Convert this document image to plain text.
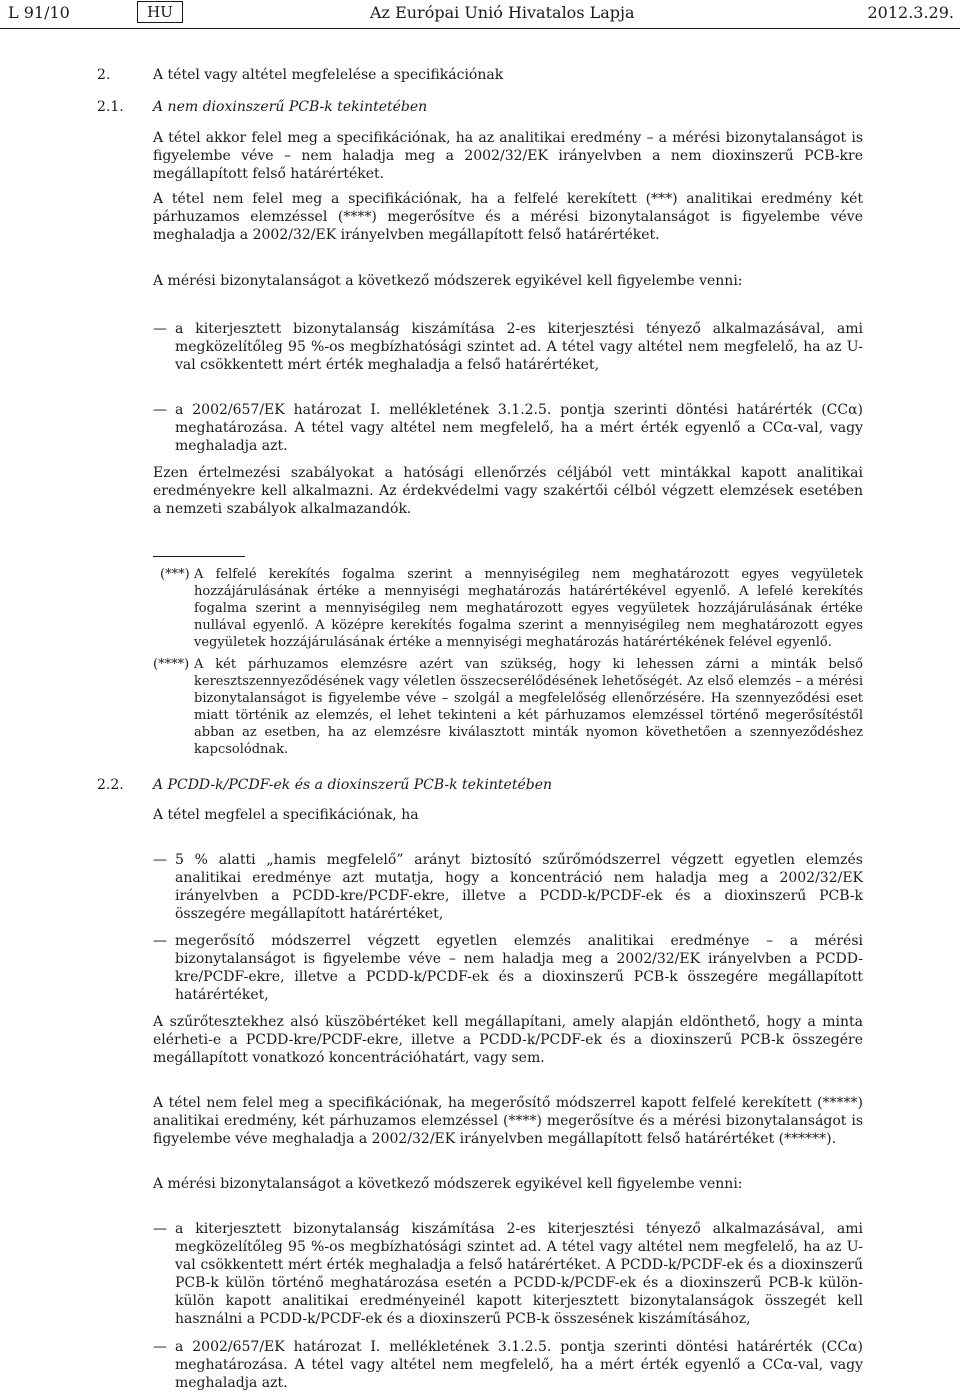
L 91/10	HU	Az Európai Unió Hivatalos Lapja	2012.3.29.
2.	A tétel vagy altétel megfelelése a specifikációnak
2.1. A nem dioxinszerű PCB-k tekintetében

A tétel akkor felel meg a specifikációnak, ha az analitikai eredmény – a mérési bizonytalanságot is figyelembe véve – nem haladja meg a 2002/32/EK irányelvben a nem dioxinszerű PCB-kre megállapított felső határértéket.

A tétel nem felel meg a specifikációnak, ha a felfelé kerekített (***) analitikai eredmény két párhuzamos elemzéssel (****) megerősítve és a mérési bizonytalanságot is figyelembe véve meghaladja a 2002/32/EK irányelvben megállapított felső határértéket.

A mérési bizonytalanságot a következő módszerek egyikével kell figyelembe venni:

— a kiterjesztett bizonytalanság kiszámítása 2-es kiterjesztési tényező alkalmazásával, ami megközelítőleg 95 %-os megbízhatósági szintet ad. A tétel vagy altétel nem megfelelő, ha az U-val csökkentett mért érték meghaladja a felső határértéket,

— a 2002/657/EK határozat I. mellékletének 3.1.2.5. pontja szerinti döntési határérték (CCα) meghatározása. A tétel vagy altétel nem megfelelő, ha a mért érték egyenlő a CCα-val, vagy meghaladja azt.

Ezen értelmezési szabályokat a hatósági ellenőrzés céljából vett mintákkal kapott analitikai eredményekre kell alkalmazni. Az érdekvédelmi vagy szakértői célból végzett elemzések esetében a nemzeti szabályok alkalmazandók.

(***) A felfelé kerekítés fogalma szerint a mennyiségileg nem meghatározott egyes vegyületek hozzájárulásának értéke a mennyiségi meghatározás határértékével egyenlő. A lefelé kerekítés fogalma szerint a mennyiségileg nem meghatározott egyes vegyületek hozzájárulásának értéke nullával egyenlő. A középre kerekítés fogalma szerint a mennyiségileg nem meghatározott egyes vegyületek hozzájárulásának értéke a mennyiségi meghatározás határértékének felével egyenlő.

(****) A két párhuzamos elemzésre azért van szükség, hogy ki lehessen zárni a minták belső keresztszennyeződésének vagy véletlen összecserélődésének lehetőségét. Az első elemzés – a mérési bizonytalanságot is figyelembe véve – szolgál a megfelelőség ellenőrzésére. Ha szennyeződési eset miatt történik az elemzés, el lehet tekinteni a két párhuzamos elemzéssel történő megerősítéstől abban az esetben, ha az elemzésre kiválasztott minták nyomon követhetően a szennyeződéshez kapcsolódnak.

2.2. A PCDD-k/PCDF-ek és a dioxinszerű PCB-k tekintetében

A tétel megfelel a specifikációnak, ha

— 5 % alatti „hamis megfelelő” arányt biztosító szűrőmódszerrel végzett egyetlen elemzés analitikai eredménye azt mutatja, hogy a koncentráció nem haladja meg a 2002/32/EK irányelvben a PCDD-kre/PCDF-ekre, illetve a PCDD-k/PCDF-ek és a dioxinszerű PCB-k összegére megállapított határértéket,

— megerősítő módszerrel végzett egyetlen elemzés analitikai eredménye – a mérési bizonytalanságot is figyelembe véve – nem haladja meg a 2002/32/EK irányelvben a PCDD-kre/PCDF-ekre, illetve a PCDD-k/PCDF-ek és a dioxinszerű PCB-k összegére megállapított határértéket,

A szűrőtesztekhez alsó küszöbértéket kell megállapítani, amely alapján eldönthető, hogy a minta elérheti-e a PCDD-kre/PCDF-ekre, illetve a PCDD-k/PCDF-ek és a dioxinszerű PCB-k összegére megállapított vonatkozó koncentrációhatárt, vagy sem.

A tétel nem felel meg a specifikációnak, ha megerősítő módszerrel kapott felfelé kerekített (*****) analitikai eredmény, két párhuzamos elemzéssel (****) megerősítve és a mérési bizonytalanságot is figyelembe véve meghaladja a 2002/32/EK irányelvben megállapított felső határértéket (******).

A mérési bizonytalanságot a következő módszerek egyikével kell figyelembe venni:

— a kiterjesztett bizonytalanság kiszámítása 2-es kiterjesztési tényező alkalmazásával, ami megközelítőleg 95 %-os megbízhatósági szintet ad. A tétel vagy altétel nem megfelelő, ha az U-val csökkentett mért érték meghaladja a felső határértéket. A PCDD-k/PCDF-ek és a dioxinszerű PCB-k külön történő meghatározása esetén a PCDD-k/PCDF-ek és a dioxinszerű PCB-k külön-külön kapott analitikai eredményeinél kapott kiterjesztett bizonytalanságok összegét kell használni a PCDD-k/PCDF-ek és a dioxinszerű PCB-k összesének kiszámításához,

— a 2002/657/EK határozat I. mellékletének 3.1.2.5. pontja szerinti döntési határérték (CCα) meghatározása. A tétel vagy altétel nem megfelelő, ha a mért érték egyenlő a CCα-val, vagy meghaladja azt.
